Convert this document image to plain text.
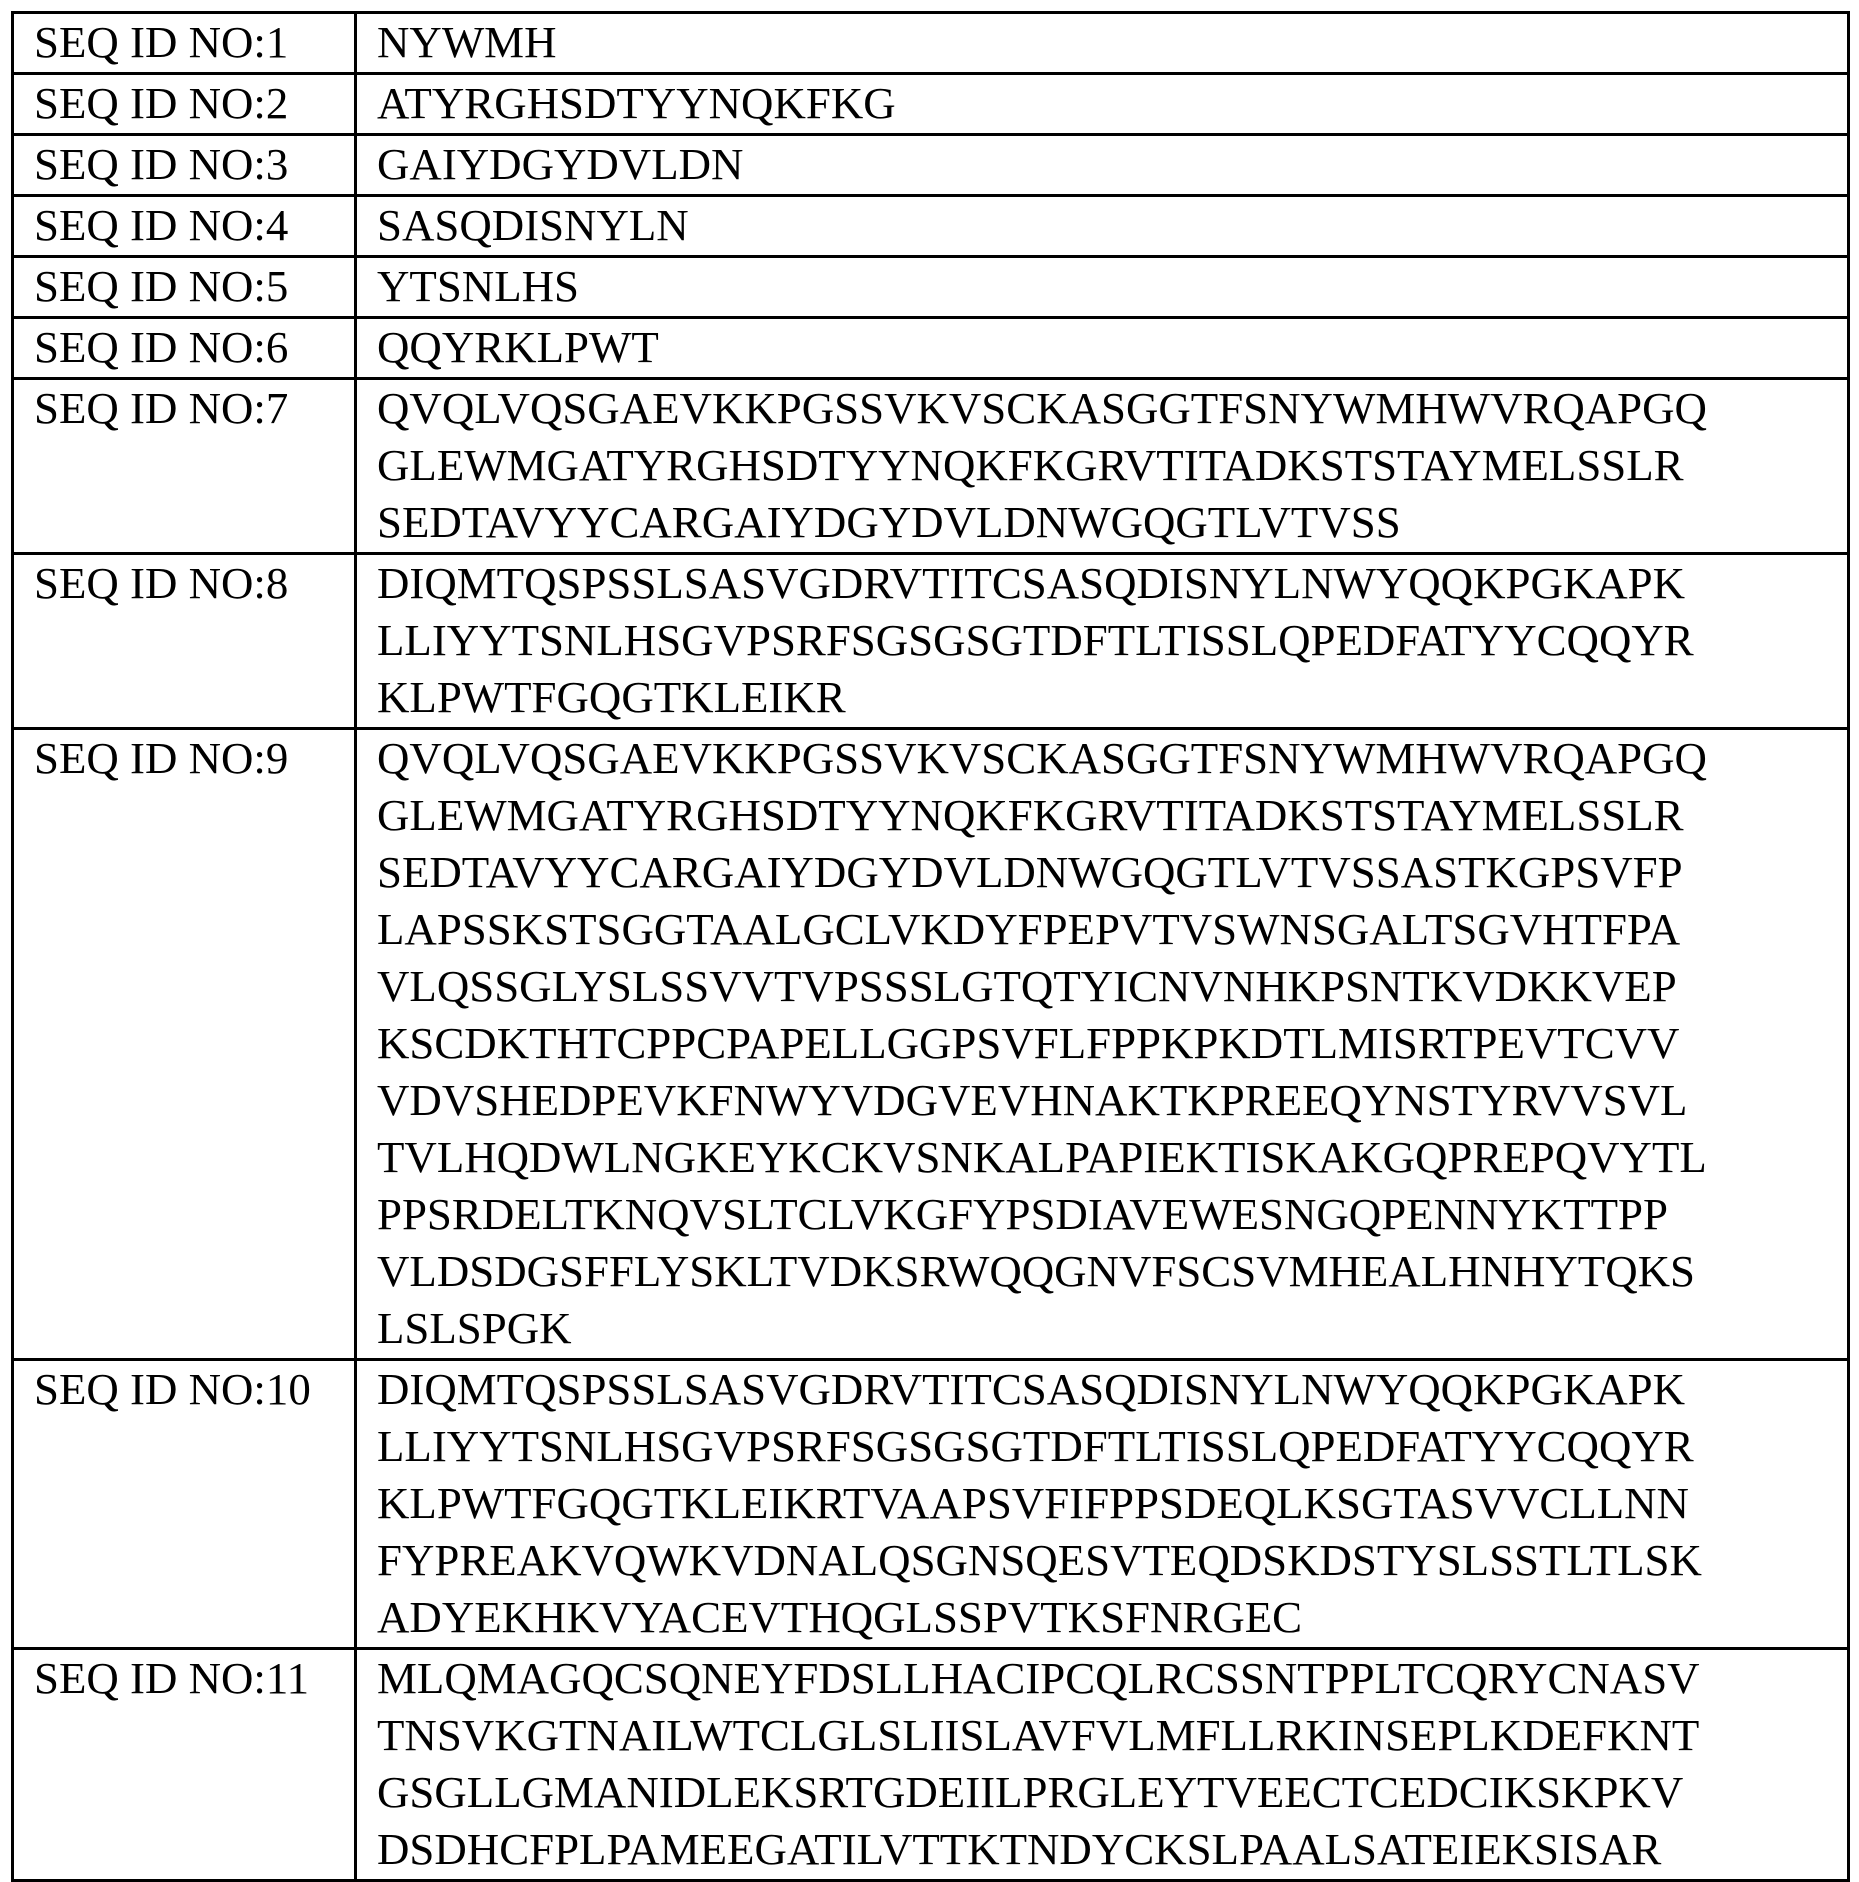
SEQ ID NO:1	NYWMH

SEQ ID NO:2	ATYRGHSDTYYNQKFKG

SEQ ID NO:3	GAIYDGYDVLDN

SEQ ID NO:4	SASQDISNYLN

SEQ ID NO:5	YTSNLHS

SEQ ID NO:6	QQYRKLPWT

SEQ ID NO:7	QVQLVQSGAEVKKPGSSVKVSCKASGGTFSNYWMHWVRQAPGQ
GLEWMGATYRGHSDTYYNQKFKGRVTITADKSTSTAYMELSSLR
SEDTAVYYCARGAIYDGYDVLDNWGQGTLVTVSS

SEQ ID NO:8	DIQMTQSPSSLSASVGDRVTITCSASQDISNYLNWYQQKPGKAPK
LLIYYTSNLHSGVPSRFSGSGSGTDFTLTISSLQPEDFATYYCQQYR
KLPWTFGQGTKLEIKR

SEQ ID NO:9	QVQLVQSGAEVKKPGSSVKVSCKASGGTFSNYWMHWVRQAPGQ
GLEWMGATYRGHSDTYYNQKFKGRVTITADKSTSTAYMELSSLR
SEDTAVYYCARGAIYDGYDVLDNWGQGTLVTVSSASTKGPSVFP
LAPSSKSTSGGTAALGCLVKDYFPEPVTVSWNSGALTSGVHTFPA
VLQSSGLYSLSSVVTVPSSSLGTQTYICNVNHKPSNTKVDKKVEP
KSCDKTHTCPPCPAPELLGGPSVFLFPPKPKDTLMISRTPEVTCVV
VDVSHEDPEVKFNWYVDGVEVHNAKTKPREEQYNSTYRVVSVL
TVLHQDWLNGKEYKCKVSNKALPAPIEKTISKAKGQPREPQVYTL
PPSRDELTKNQVSLTCLVKGFYPSDIAVEWESNGQPENNYKTTPP
VLDSDGSFFLYSKLTVDKSRWQQGNVFSCSVMHEALHNHYTQKS
LSLSPGK

SEQ ID NO:10	DIQMTQSPSSLSASVGDRVTITCSASQDISNYLNWYQQKPGKAPK
LLIYYTSNLHSGVPSRFSGSGSGTDFTLTISSLQPEDFATYYCQQYR
KLPWTFGQGTKLEIKRTVAAPSVFIFPPSDEQLKSGTASVVCLLNN
FYPREAKVQWKVDNALQSGNSQESVTEQDSKDSTYSLSSTLTLSK
ADYEKHKVYACEVTHQGLSSPVTKSFNRGEC

SEQ ID NO:11	MLQMAGQCSQNEYFDSLLHACIPCQLRCSSNTPPLTCQRYCNASV
TNSVKGTNAILWTCLGLSLIISLAVFVLMFLLRKINSEPLKDEFKNT
GSGLLGMANIDLEKSRTGDEIILPRGLEYTVEECTCEDCIKSKPKV
DSDHCFPLPAMEEGATILVTTKTNDYCKSLPAALSATEIEKSISAR
